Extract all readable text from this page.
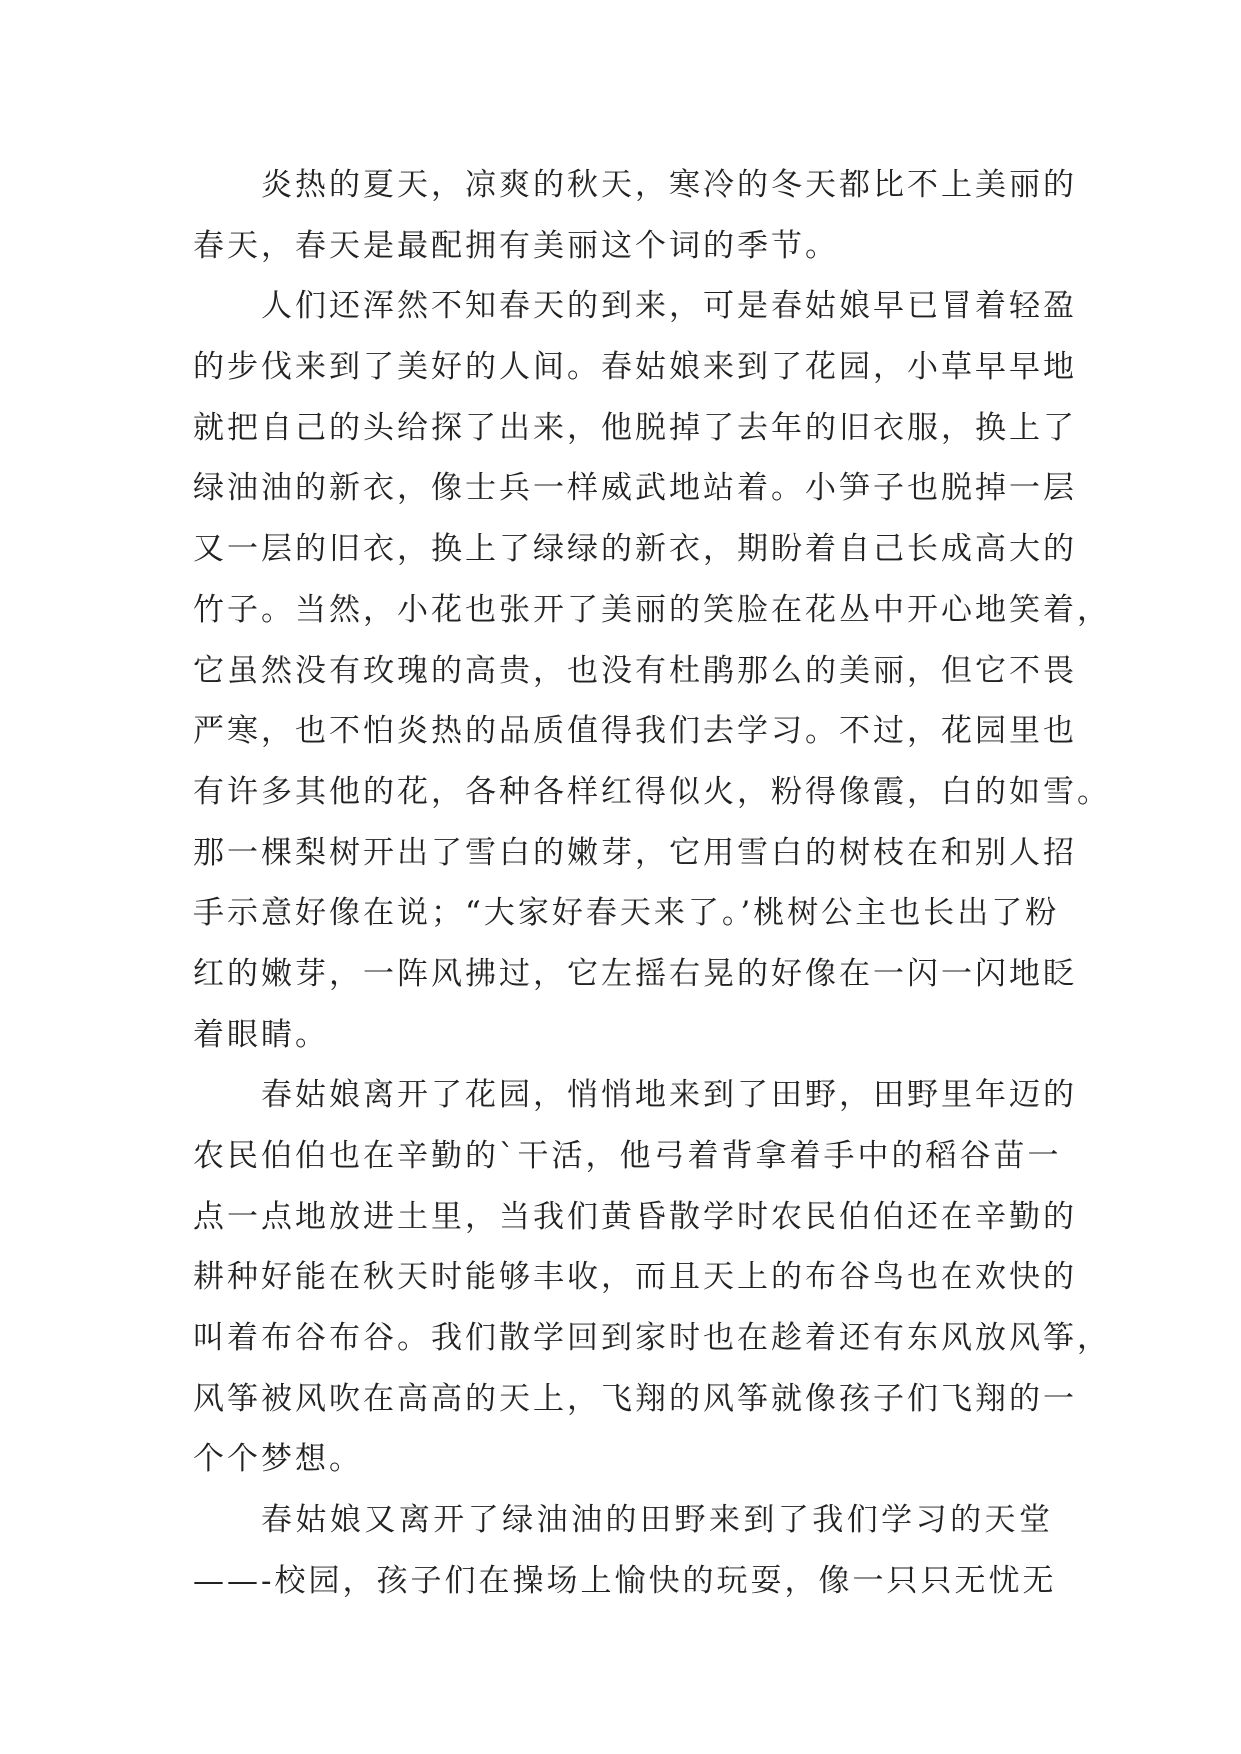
炎热的夏天，凉爽的秋天，寒冷的冬天都比不上美丽的
春天，春天是最配拥有美丽这个词的季节。
人们还浑然不知春天的到来，可是春姑娘早已冒着轻盈
的步伐来到了美好的人间。春姑娘来到了花园，小草早早地
就把自己的头给探了出来，他脱掉了去年的旧衣服，换上了
绿油油的新衣，像士兵一样威武地站着。小笋子也脱掉一层
又一层的旧衣，换上了绿绿的新衣，期盼着自己长成高大的
竹子。当然，小花也张开了美丽的笑脸在花丛中开心地笑着，
它虽然没有玫瑰的高贵，也没有杜鹃那么的美丽，但它不畏
严寒，也不怕炎热的品质值得我们去学习。不过，花园里也
有许多其他的花，各种各样红得似火，粉得像霞，白的如雪。
那一棵梨树开出了雪白的嫩芽，它用雪白的树枝在和别人招
手示意好像在说；“大家好春天来了。’桃树公主也长出了粉
红的嫩芽，一阵风拂过，它左摇右晃的好像在一闪一闪地眨
着眼睛。
春姑娘离开了花园，悄悄地来到了田野，田野里年迈的
农民伯伯也在辛勤的`干活，他弓着背拿着手中的稻谷苗一
点一点地放进土里，当我们黄昏散学时农民伯伯还在辛勤的
耕种好能在秋天时能够丰收，而且天上的布谷鸟也在欢快的
叫着布谷布谷。我们散学回到家时也在趁着还有东风放风筝，
风筝被风吹在高高的天上，飞翔的风筝就像孩子们飞翔的一
个个梦想。
春姑娘又离开了绿油油的田野来到了我们学习的天堂
——-校园，孩子们在操场上愉快的玩耍，像一只只无忧无
